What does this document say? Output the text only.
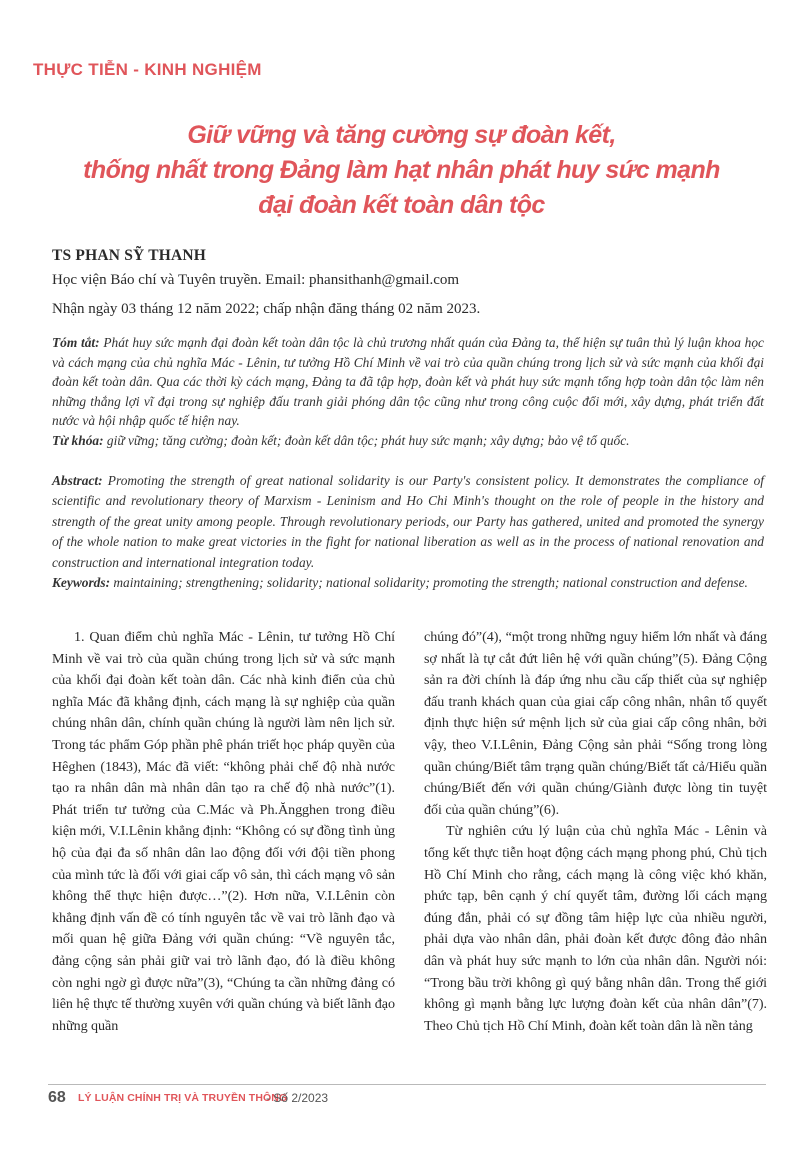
THỰC TIỄN - KINH NGHIỆM
Giữ vững và tăng cường sự đoàn kết,
thống nhất trong Đảng làm hạt nhân phát huy sức mạnh
đại đoàn kết toàn dân tộc
TS PHAN SỸ THANH
Học viện Báo chí và Tuyên truyền. Email: phansithanh@gmail.com
Nhận ngày 03 tháng 12 năm 2022; chấp nhận đăng tháng 02 năm 2023.
Tóm tắt: Phát huy sức mạnh đại đoàn kết toàn dân tộc là chủ trương nhất quán của Đảng ta, thể hiện sự tuân thủ lý luận khoa học và cách mạng của chủ nghĩa Mác - Lênin, tư tưởng Hồ Chí Minh về vai trò của quần chúng trong lịch sử và sức mạnh của khối đại đoàn kết toàn dân. Qua các thời kỳ cách mạng, Đảng ta đã tập hợp, đoàn kết và phát huy sức mạnh tổng hợp toàn dân tộc làm nên những thắng lợi vĩ đại trong sự nghiệp đấu tranh giải phóng dân tộc cũng như trong công cuộc đổi mới, xây dựng, phát triển đất nước và hội nhập quốc tế hiện nay.
Từ khóa: giữ vững; tăng cường; đoàn kết; đoàn kết dân tộc; phát huy sức mạnh; xây dựng; bảo vệ tổ quốc.
Abstract: Promoting the strength of great national solidarity is our Party's consistent policy. It demonstrates the compliance of scientific and revolutionary theory of Marxism - Leninism and Ho Chi Minh's thought on the role of people in the history and strength of the great unity among people. Through revolutionary periods, our Party has gathered, united and promoted the synergy of the whole nation to make great victories in the fight for national liberation as well as in the process of national renovation and construction and international integration today.
Keywords: maintaining; strengthening; solidarity; national solidarity; promoting the strength; national construction and defense.

1. Quan điểm chủ nghĩa Mác - Lênin, tư tưởng Hồ Chí Minh về vai trò của quần chúng trong lịch sử và sức mạnh của khối đại đoàn kết toàn dân. Các nhà kinh điển của chủ nghĩa Mác đã khẳng định, cách mạng là sự nghiệp của quần chúng nhân dân, chính quần chúng là người làm nên lịch sử. Trong tác phẩm Góp phần phê phán triết học pháp quyền của Hêghen (1843), Mác đã viết: “không phải chế độ nhà nước tạo ra nhân dân mà nhân dân tạo ra chế độ nhà nước”(1). Phát triển tư tưởng của C.Mác và Ph.Ăngghen trong điều kiện mới, V.I.Lênin khẳng định: “Không có sự đồng tình ủng hộ của đại đa số nhân dân lao động đối với đội tiền phong của mình tức là đối với giai cấp vô sản, thì cách mạng vô sản không thể thực hiện được…”(2). Hơn nữa, V.I.Lênin còn khẳng định vấn đề có tính nguyên tắc về vai trò lãnh đạo và mối quan hệ giữa Đảng với quần chúng: “Về nguyên tắc, đảng cộng sản phải giữ vai trò lãnh đạo, đó là điều không còn nghi ngờ gì được nữa”(3), “Chúng ta cần những đảng có liên hệ thực tế thường xuyên với quần chúng và biết lãnh đạo những quần

chúng đó”(4), “một trong những nguy hiểm lớn nhất và đáng sợ nhất là tự cắt đứt liên hệ với quần chúng”(5). Đảng Cộng sản ra đời chính là đáp ứng nhu cầu cấp thiết của sự nghiệp đấu tranh khách quan của giai cấp công nhân, nhân tố quyết định thực hiện sứ mệnh lịch sử của giai cấp công nhân, bởi vậy, theo V.I.Lênin, Đảng Cộng sản phải “Sống trong lòng quần chúng/Biết tâm trạng quần chúng/Biết tất cả/Hiểu quần chúng/Biết đến với quần chúng/Giành được lòng tin tuyệt đối của quần chúng”(6).

Từ nghiên cứu lý luận của chủ nghĩa Mác - Lênin và tổng kết thực tiễn hoạt động cách mạng phong phú, Chủ tịch Hồ Chí Minh cho rằng, cách mạng là công việc khó khăn, phức tạp, bên cạnh ý chí quyết tâm, đường lối cách mạng đúng đắn, phải có sự đồng tâm hiệp lực của nhiều người, phải dựa vào nhân dân, phải đoàn kết được đông đảo nhân dân và phát huy sức mạnh to lớn của nhân dân. Người nói: “Trong bầu trời không gì quý bằng nhân dân. Trong thế giới không gì mạnh bằng lực lượng đoàn kết của nhân dân”(7). Theo Chủ tịch Hồ Chí Minh, đoàn kết toàn dân là nền tảng

68 LÝ LUẬN CHÍNH TRỊ VÀ TRUYỀN THÔNG
- Số 2/2023
